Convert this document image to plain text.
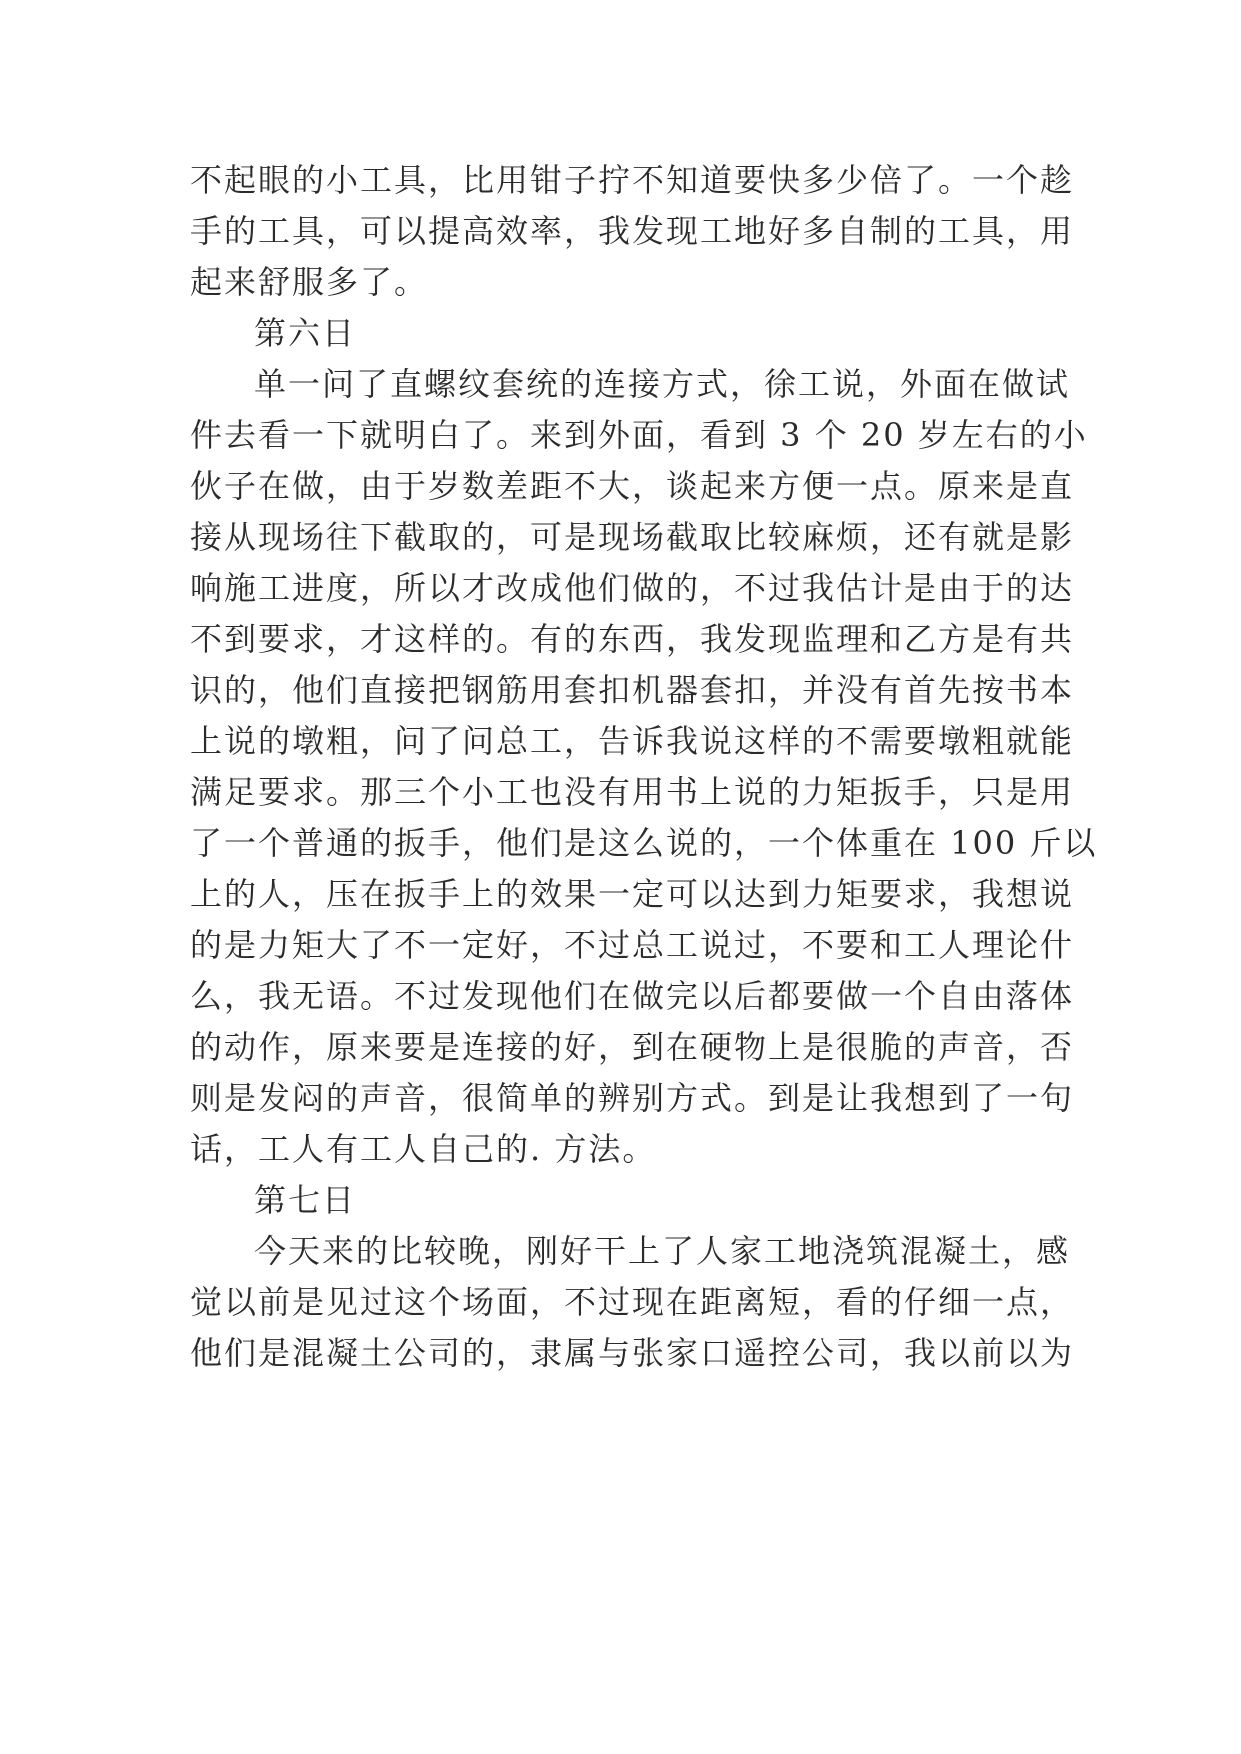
不起眼的小工具，比用钳子拧不知道要快多少倍了。一个趁
手的工具，可以提高效率，我发现工地好多自制的工具，用
起来舒服多了。
第六日
单一问了直螺纹套统的连接方式，徐工说，外面在做试
件去看一下就明白了。来到外面，看到 3 个 20 岁左右的小
伙子在做，由于岁数差距不大，谈起来方便一点。原来是直
接从现场往下截取的，可是现场截取比较麻烦，还有就是影
响施工进度，所以才改成他们做的，不过我估计是由于的达
不到要求，才这样的。有的东西，我发现监理和乙方是有共
识的，他们直接把钢筋用套扣机器套扣，并没有首先按书本
上说的墩粗，问了问总工，告诉我说这样的不需要墩粗就能
满足要求。那三个小工也没有用书上说的力矩扳手，只是用
了一个普通的扳手，他们是这么说的，一个体重在 100 斤以
上的人，压在扳手上的效果一定可以达到力矩要求，我想说
的是力矩大了不一定好，不过总工说过，不要和工人理论什
么，我无语。不过发现他们在做完以后都要做一个自由落体
的动作，原来要是连接的好，到在硬物上是很脆的声音，否
则是发闷的声音，很简单的辨别方式。到是让我想到了一句
话，工人有工人自己的. 方法。
第七日
今天来的比较晚，刚好干上了人家工地浇筑混凝土，感
觉以前是见过这个场面，不过现在距离短，看的仔细一点，
他们是混凝土公司的，隶属与张家口遥控公司，我以前以为
